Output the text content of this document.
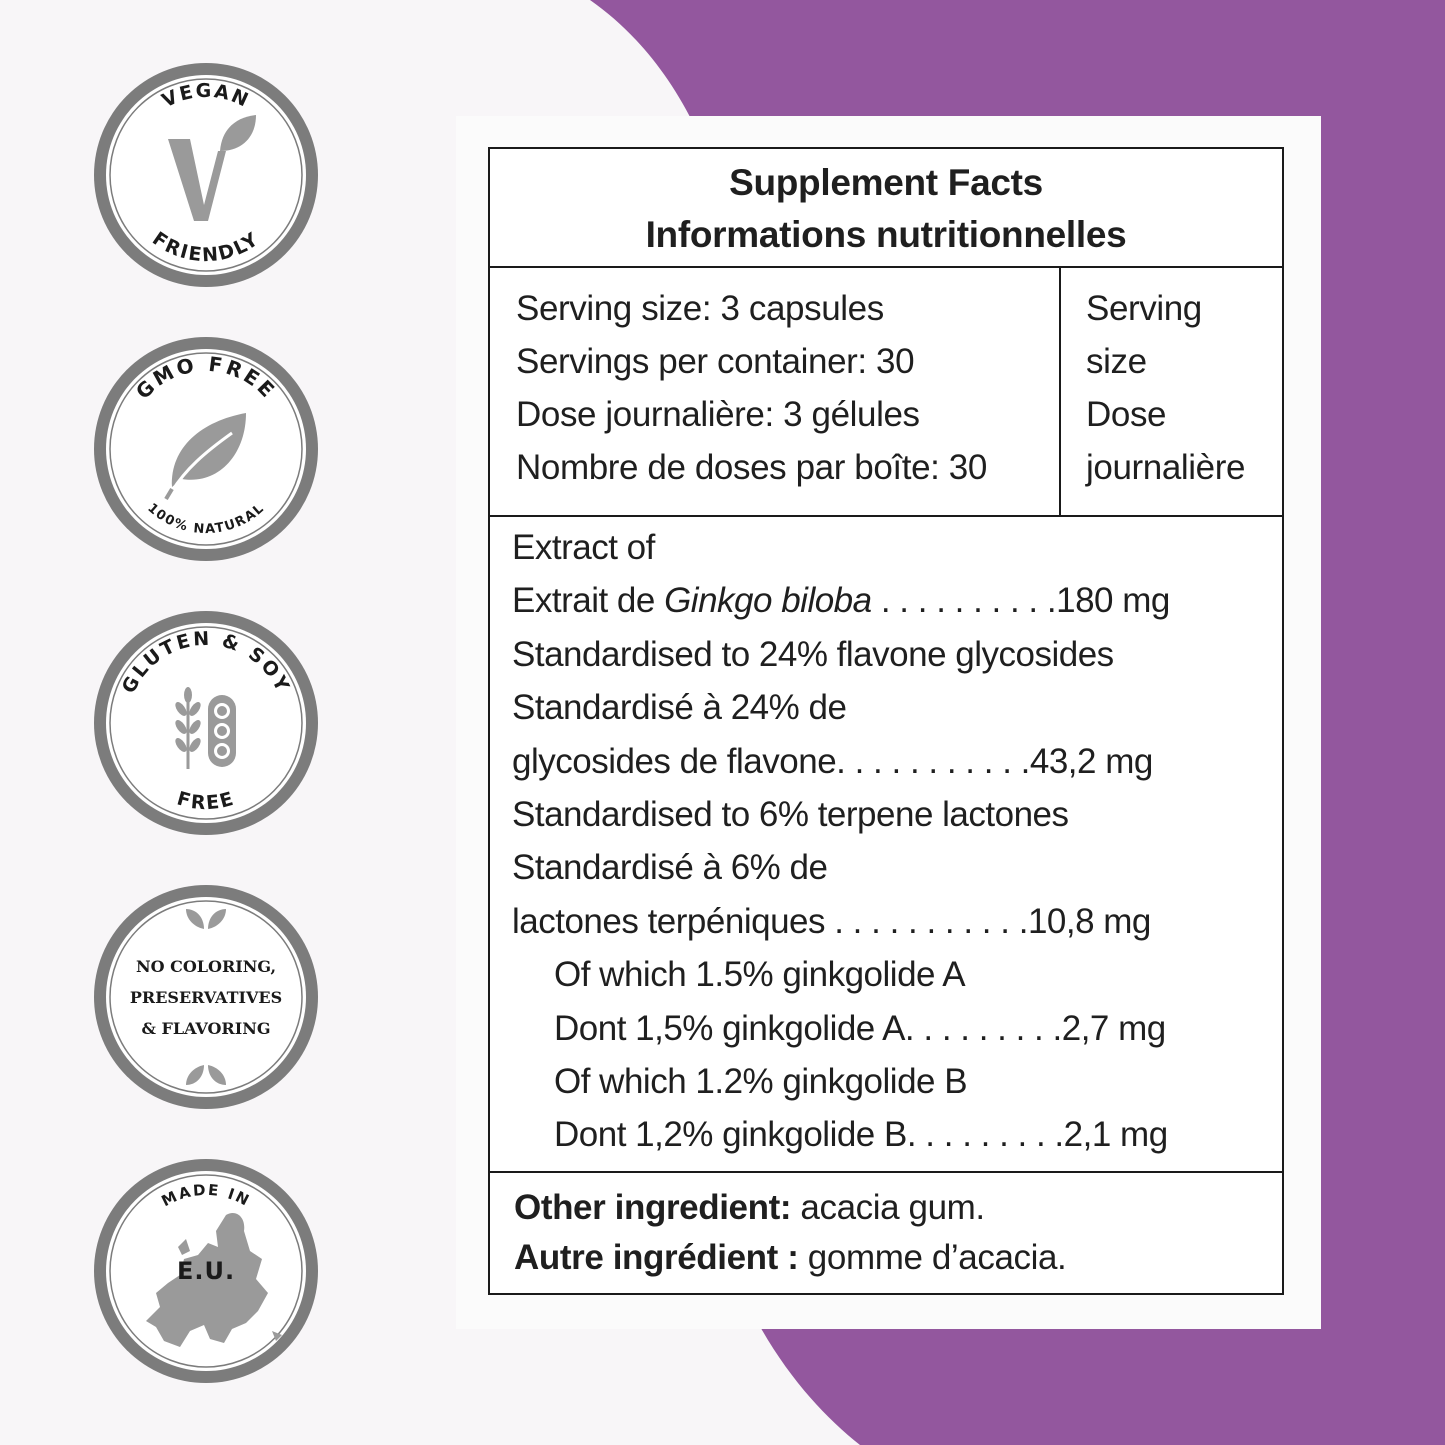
VEGAN
FRIENDLY
GMO FREE
100% NATURAL
GLUTEN & SOY
FREE
NO COLORING,
PRESERVATIVES
& FLAVORING
MADE IN
E.U.
Supplement Facts
Informations nutritionnelles
Serving size: 3 capsules
Servings per container: 30
Dose journalière: 3 gélules
Nombre de doses par boîte: 30
Serving
size
Dose
journalière
Extract of
Extrait de Ginkgo biloba . . . . . . . . . .180 mg
Standardised to 24% flavone glycosides
Standardisé à 24% de
glycosides de flavone. . . . . . . . . . .43,2 mg
Standardised to 6% terpene lactones
Standardisé à 6% de
lactones terpéniques . . . . . . . . . . .10,8 mg
Of which 1.5% ginkgolide A
Dont 1,5% ginkgolide A. . . . . . . . .2,7 mg
Of which 1.2% ginkgolide B
Dont 1,2% ginkgolide B. . . . . . . . .2,1 mg
Other ingredient: acacia gum.
Autre ingrédient : gomme d’acacia.
